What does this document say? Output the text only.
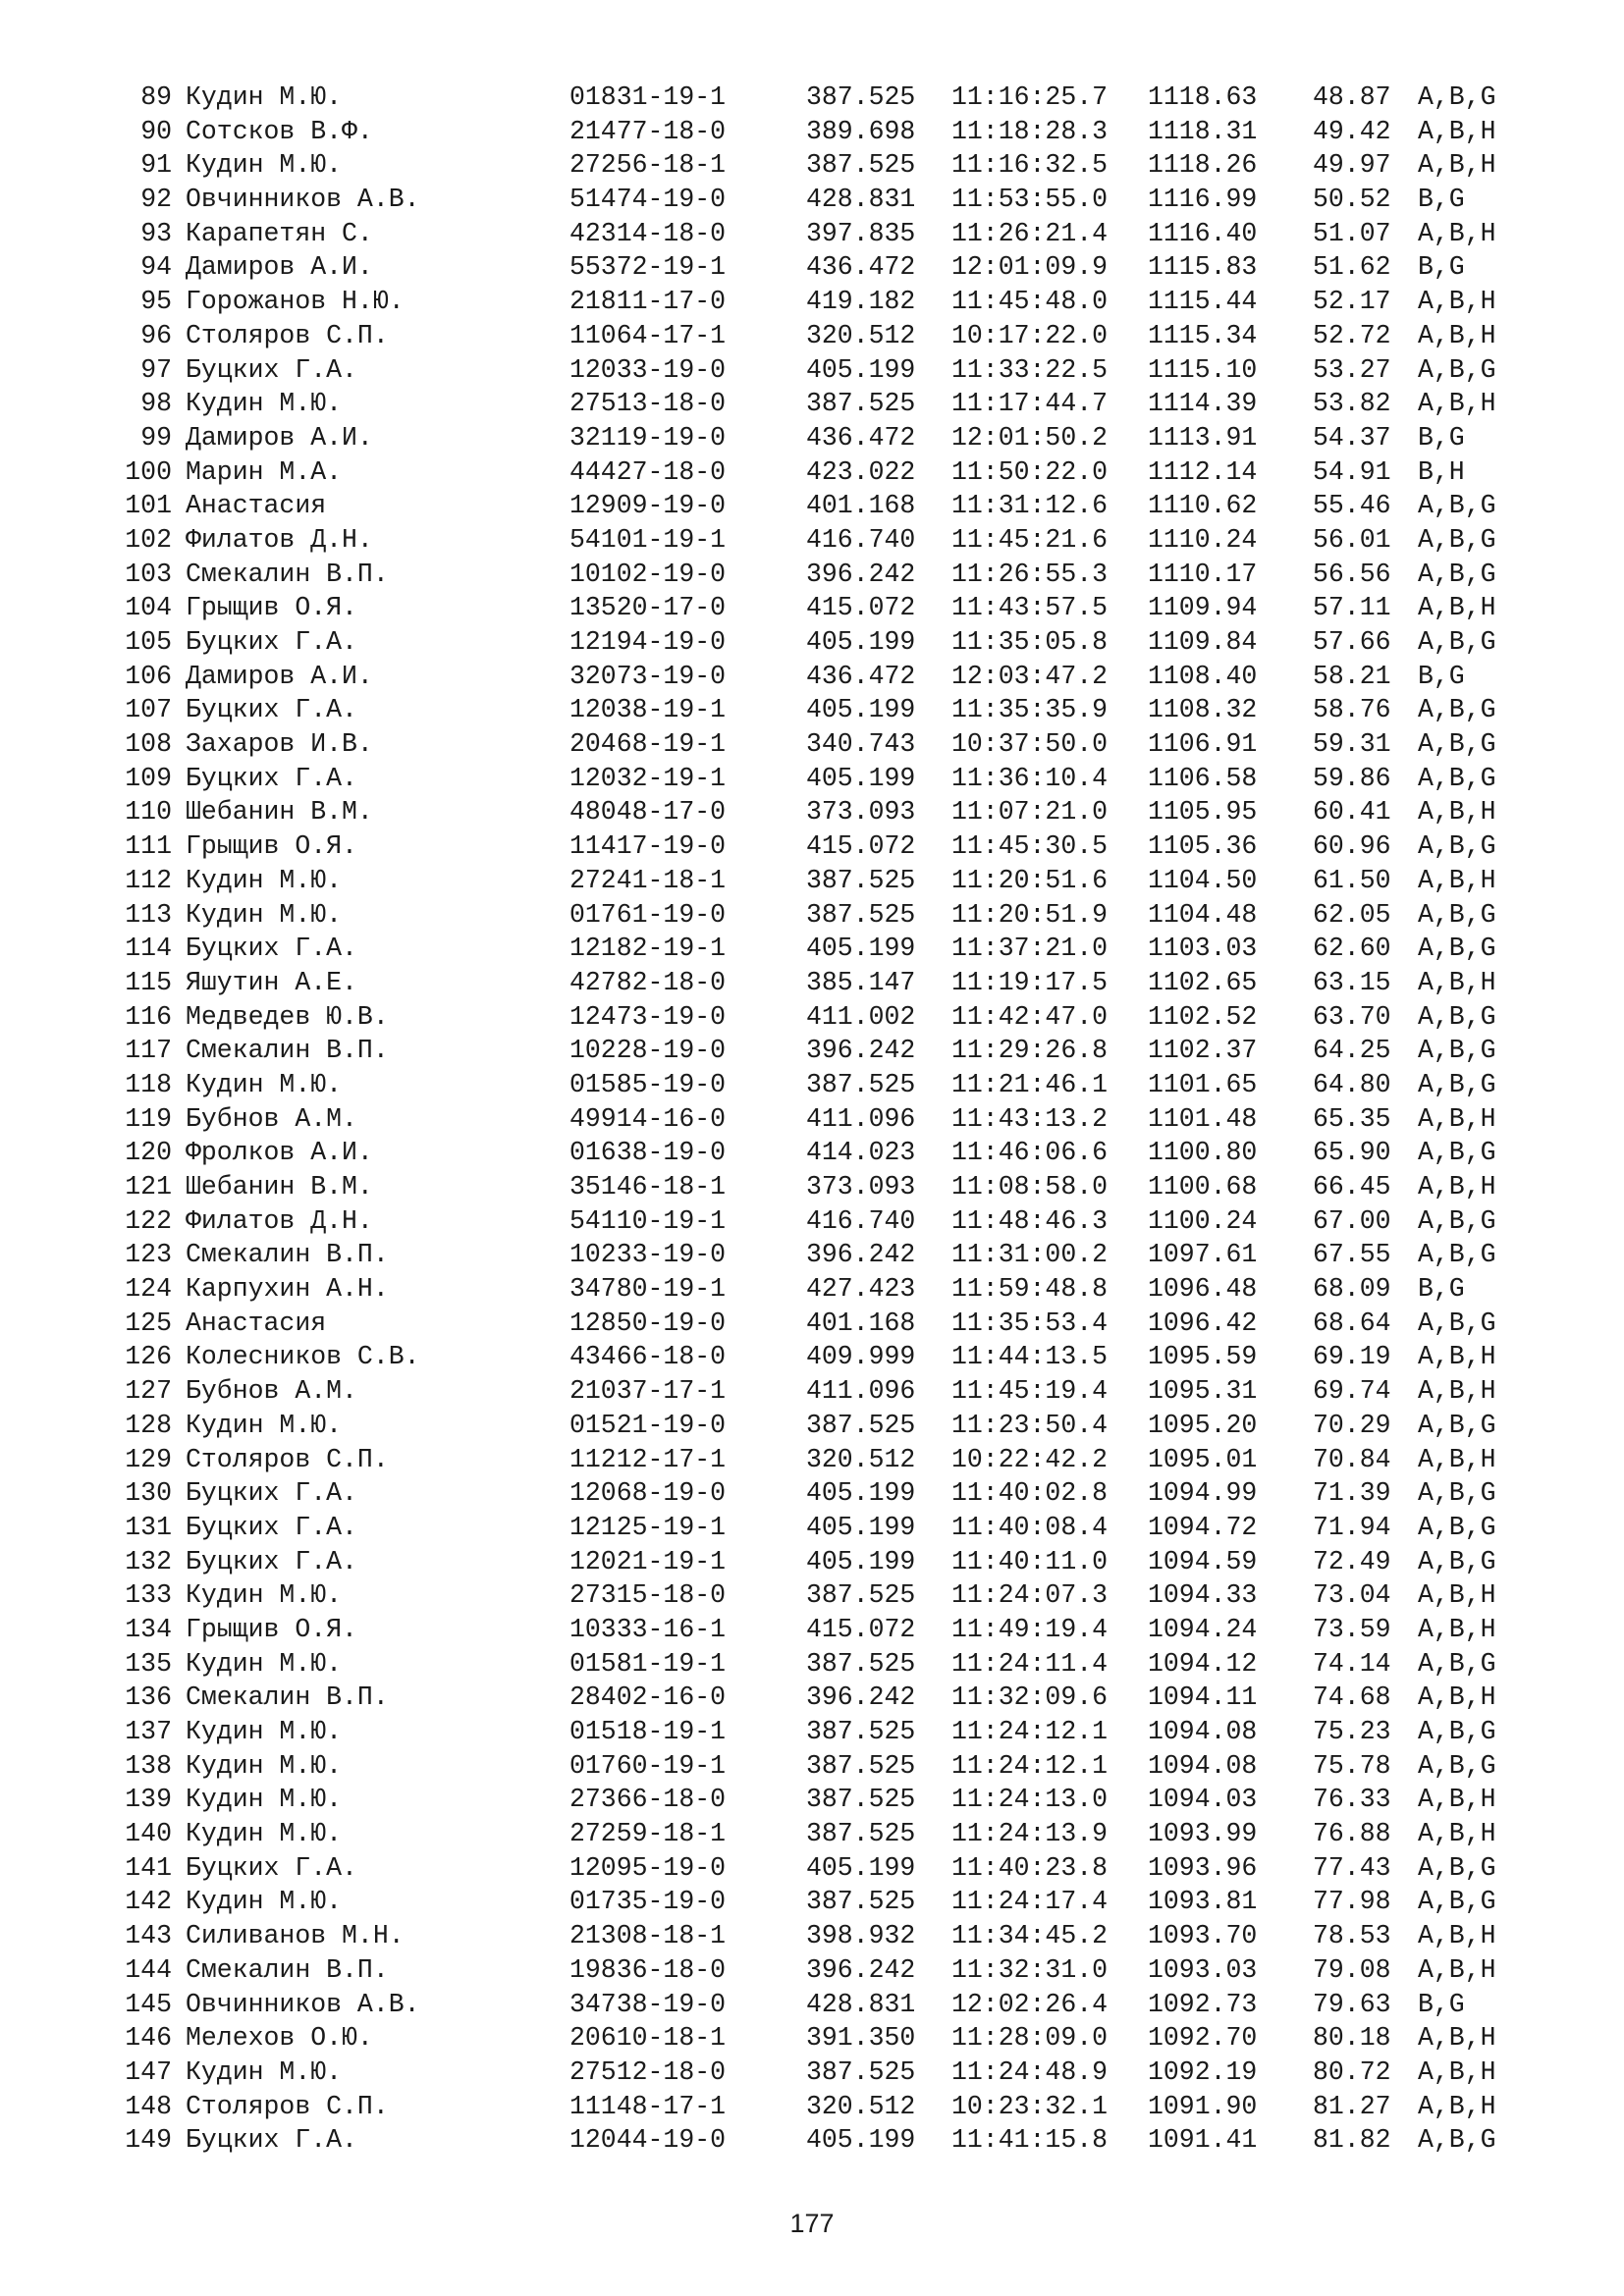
89 Кудин М.Ю.	01831-19-1	387.525	11:16:25.7	1118.63	48.87	A,B,G
90 Сотсков В.Ф.	21477-18-0	389.698	11:18:28.3	1118.31	49.42	A,B,H
91 Кудин М.Ю.	27256-18-1	387.525	11:16:32.5	1118.26	49.97	A,B,H
92 Овчинников А.В.	51474-19-0	428.831	11:53:55.0	1116.99	50.52	B,G
93 Карапетян С.	42314-18-0	397.835	11:26:21.4	1116.40	51.07	A,B,H
94 Дамиров А.И.	55372-19-1	436.472	12:01:09.9	1115.83	51.62	B,G
95 Горожанов Н.Ю.	21811-17-0	419.182	11:45:48.0	1115.44	52.17	A,B,H
96 Столяров С.П.	11064-17-1	320.512	10:17:22.0	1115.34	52.72	A,B,H
97 Буцких Г.А.	12033-19-0	405.199	11:33:22.5	1115.10	53.27	A,B,G
98 Кудин М.Ю.	27513-18-0	387.525	11:17:44.7	1114.39	53.82	A,B,H
99 Дамиров А.И.	32119-19-0	436.472	12:01:50.2	1113.91	54.37	B,G
100 Марин М.А.	44427-18-0	423.022	11:50:22.0	1112.14	54.91	B,H
101 Анастасия	12909-19-0	401.168	11:31:12.6	1110.62	55.46	A,B,G
102 Филатов Д.Н.	54101-19-1	416.740	11:45:21.6	1110.24	56.01	A,B,G
103 Смекалин В.П.	10102-19-0	396.242	11:26:55.3	1110.17	56.56	A,B,G
104 Грыщив О.Я.	13520-17-0	415.072	11:43:57.5	1109.94	57.11	A,B,H
105 Буцких Г.А.	12194-19-0	405.199	11:35:05.8	1109.84	57.66	A,B,G
106 Дамиров А.И.	32073-19-0	436.472	12:03:47.2	1108.40	58.21	B,G
107 Буцких Г.А.	12038-19-1	405.199	11:35:35.9	1108.32	58.76	A,B,G
108 Захаров И.В.	20468-19-1	340.743	10:37:50.0	1106.91	59.31	A,B,G
109 Буцких Г.А.	12032-19-1	405.199	11:36:10.4	1106.58	59.86	A,B,G
110 Шебанин В.М.	48048-17-0	373.093	11:07:21.0	1105.95	60.41	A,B,H
111 Грыщив О.Я.	11417-19-0	415.072	11:45:30.5	1105.36	60.96	A,B,G
112 Кудин М.Ю.	27241-18-1	387.525	11:20:51.6	1104.50	61.50	A,B,H
113 Кудин М.Ю.	01761-19-0	387.525	11:20:51.9	1104.48	62.05	A,B,G
114 Буцких Г.А.	12182-19-1	405.199	11:37:21.0	1103.03	62.60	A,B,G
115 Яшутин А.Е.	42782-18-0	385.147	11:19:17.5	1102.65	63.15	A,B,H
116 Медведев Ю.В.	12473-19-0	411.002	11:42:47.0	1102.52	63.70	A,B,G
117 Смекалин В.П.	10228-19-0	396.242	11:29:26.8	1102.37	64.25	A,B,G
118 Кудин М.Ю.	01585-19-0	387.525	11:21:46.1	1101.65	64.80	A,B,G
119 Бубнов А.М.	49914-16-0	411.096	11:43:13.2	1101.48	65.35	A,B,H
120 Фролков А.И.	01638-19-0	414.023	11:46:06.6	1100.80	65.90	A,B,G
121 Шебанин В.М.	35146-18-1	373.093	11:08:58.0	1100.68	66.45	A,B,H
122 Филатов Д.Н.	54110-19-1	416.740	11:48:46.3	1100.24	67.00	A,B,G
123 Смекалин В.П.	10233-19-0	396.242	11:31:00.2	1097.61	67.55	A,B,G
124 Карпухин А.Н.	34780-19-1	427.423	11:59:48.8	1096.48	68.09	B,G
125 Анастасия	12850-19-0	401.168	11:35:53.4	1096.42	68.64	A,B,G
126 Колесников С.В.	43466-18-0	409.999	11:44:13.5	1095.59	69.19	A,B,H
127 Бубнов А.М.	21037-17-1	411.096	11:45:19.4	1095.31	69.74	A,B,H
128 Кудин М.Ю.	01521-19-0	387.525	11:23:50.4	1095.20	70.29	A,B,G
129 Столяров С.П.	11212-17-1	320.512	10:22:42.2	1095.01	70.84	A,B,H
130 Буцких Г.А.	12068-19-0	405.199	11:40:02.8	1094.99	71.39	A,B,G
131 Буцких Г.А.	12125-19-1	405.199	11:40:08.4	1094.72	71.94	A,B,G
132 Буцких Г.А.	12021-19-1	405.199	11:40:11.0	1094.59	72.49	A,B,G
133 Кудин М.Ю.	27315-18-0	387.525	11:24:07.3	1094.33	73.04	A,B,H
134 Грыщив О.Я.	10333-16-1	415.072	11:49:19.4	1094.24	73.59	A,B,H
135 Кудин М.Ю.	01581-19-1	387.525	11:24:11.4	1094.12	74.14	A,B,G
136 Смекалин В.П.	28402-16-0	396.242	11:32:09.6	1094.11	74.68	A,B,H
137 Кудин М.Ю.	01518-19-1	387.525	11:24:12.1	1094.08	75.23	A,B,G
138 Кудин М.Ю.	01760-19-1	387.525	11:24:12.1	1094.08	75.78	A,B,G
139 Кудин М.Ю.	27366-18-0	387.525	11:24:13.0	1094.03	76.33	A,B,H
140 Кудин М.Ю.	27259-18-1	387.525	11:24:13.9	1093.99	76.88	A,B,H
141 Буцких Г.А.	12095-19-0	405.199	11:40:23.8	1093.96	77.43	A,B,G
142 Кудин М.Ю.	01735-19-0	387.525	11:24:17.4	1093.81	77.98	A,B,G
143 Силиванов М.Н.	21308-18-1	398.932	11:34:45.2	1093.70	78.53	A,B,H
144 Смекалин В.П.	19836-18-0	396.242	11:32:31.0	1093.03	79.08	A,B,H
145 Овчинников А.В.	34738-19-0	428.831	12:02:26.4	1092.73	79.63	B,G
146 Мелехов О.Ю.	20610-18-1	391.350	11:28:09.0	1092.70	80.18	A,B,H
147 Кудин М.Ю.	27512-18-0	387.525	11:24:48.9	1092.19	80.72	A,B,H
148 Столяров С.П.	11148-17-1	320.512	10:23:32.1	1091.90	81.27	A,B,H
149 Буцких Г.А.	12044-19-0	405.199	11:41:15.8	1091.41	81.82	A,B,G
177
